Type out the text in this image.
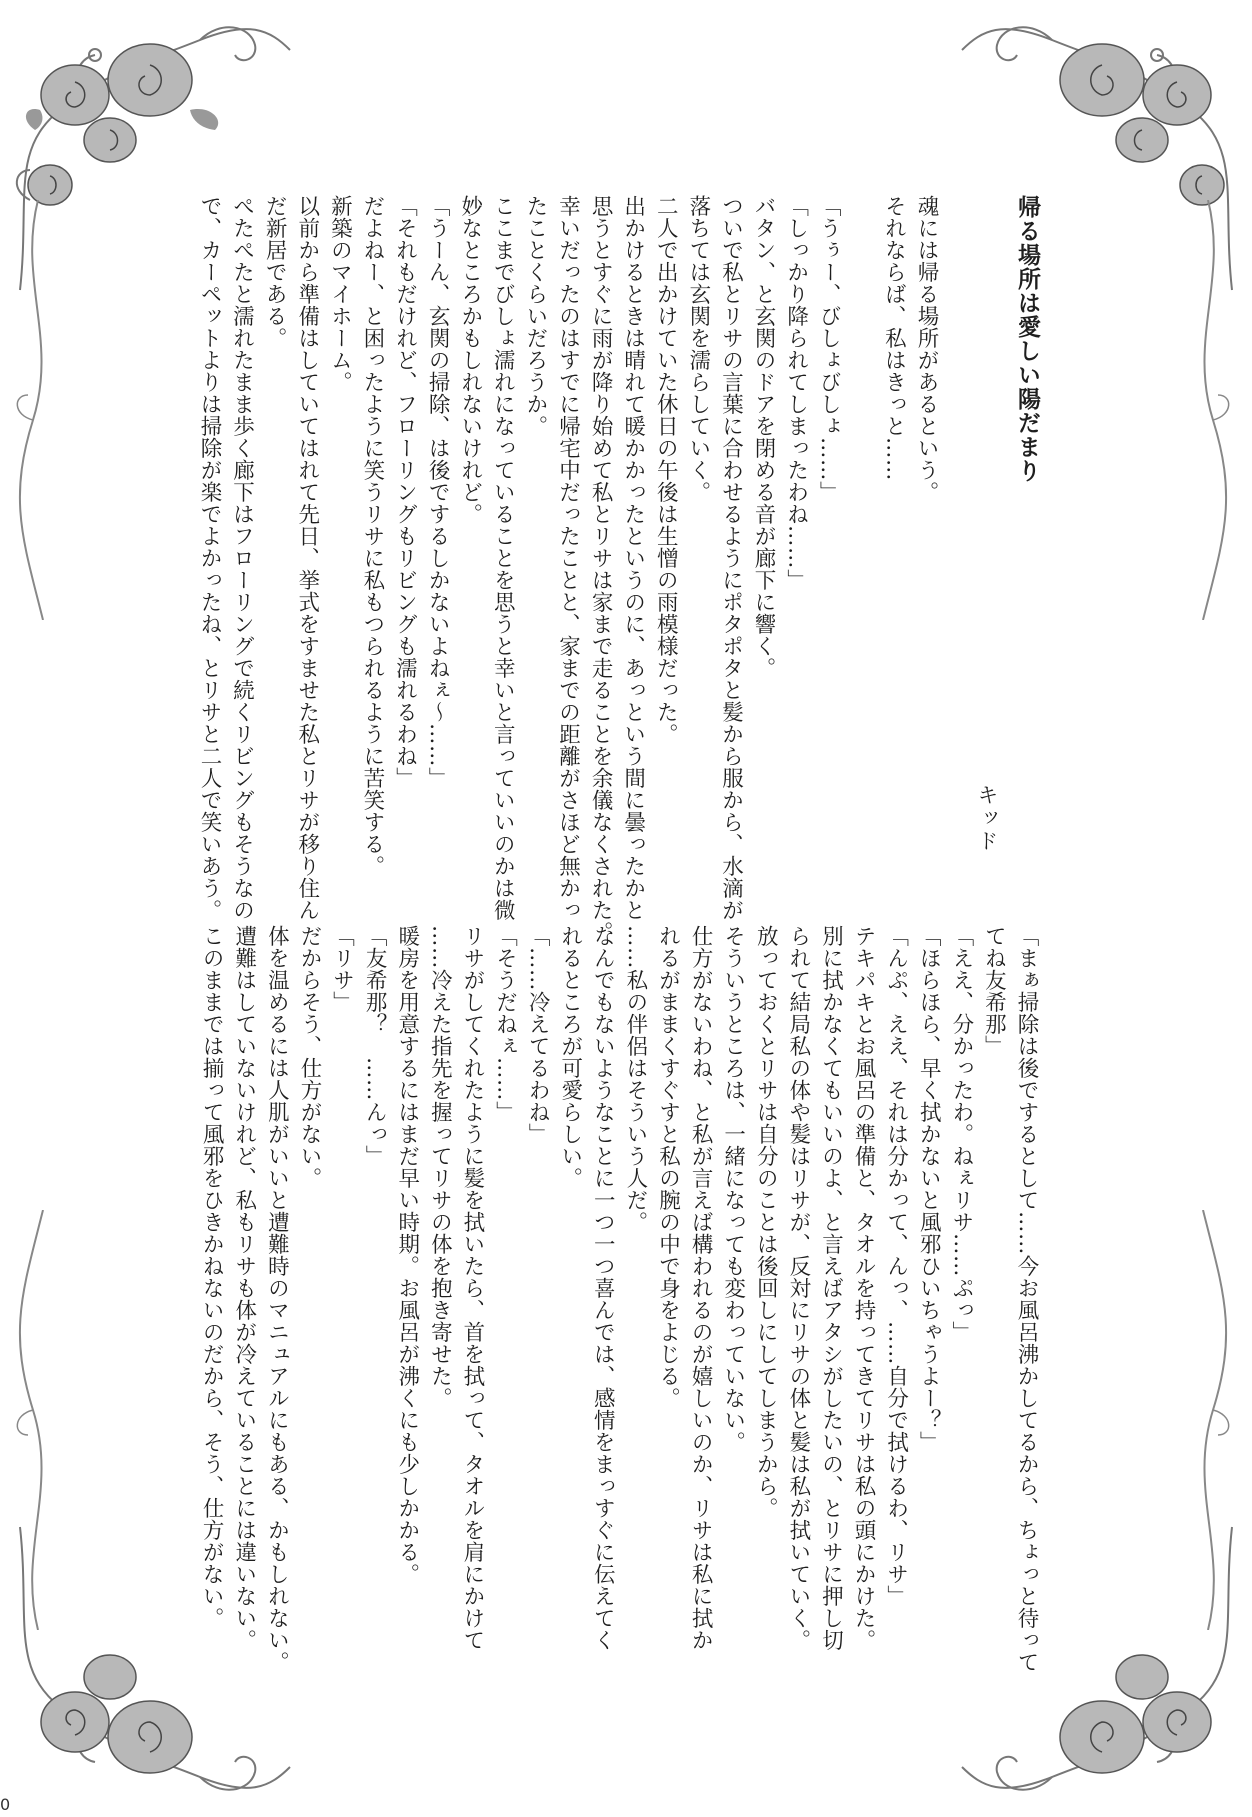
帰る場所は愛しい陽だまり
キッド
魂には帰る場所があるという。
それならば、私はきっと……

「うぅー、びしょびしょ……」
「しっかり降られてしまったわね……」
バタン、と玄関のドアを閉める音が廊下に響く。
ついで私とリサの言葉に合わせるようにポタポタと髪から服から、水滴が
落ちては玄関を濡らしていく。
二人で出かけていた休日の午後は生憎の雨模様だった。
出かけるときは晴れて暖かかったというのに、あっという間に曇ったかと
思うとすぐに雨が降り始めて私とリサは家まで走ることを余儀なくされた。
幸いだったのはすでに帰宅中だったことと、家までの距離がさほど無かっ
たことくらいだろうか。
ここまでびしょ濡れになっていることを思うと幸いと言っていいのかは微
妙なところかもしれないけれど。
「うーん、玄関の掃除、は後でするしかないよねぇ〜……」
「それもだけれど、フローリングもリビングも濡れるわね」
だよねー、と困ったように笑うリサに私もつられるように苦笑する。
新築のマイホーム。
以前から準備はしていてはれて先日、挙式をすませた私とリサが移り住ん
だ新居である。
ぺたぺたと濡れたまま歩く廊下はフローリングで続くリビングもそうなの
で、カーペットよりは掃除が楽でよかったね、とリサと二人で笑いあう。
「まぁ掃除は後でするとして……今お風呂沸かしてるから、ちょっと待って
てね友希那」
「ええ、分かったわ。ねぇリサ……ぷっ」
「ほらほら、早く拭かないと風邪ひいちゃうよー？」
「んぷ、ええ、それは分かって、んっ、……自分で拭けるわ、リサ」
テキパキとお風呂の準備と、タオルを持ってきてリサは私の頭にかけた。
別に拭かなくてもいいのよ、と言えばアタシがしたいの、とリサに押し切
られて結局私の体や髪はリサが、反対にリサの体と髪は私が拭いていく。
放っておくとリサは自分のことは後回しにしてしまうから。
そういうところは、一緒になっても変わっていない。
仕方がないわね、と私が言えば構われるのが嬉しいのか、リサは私に拭か
れるがままくすぐすと私の腕の中で身をよじる。
……私の伴侶はそういう人だ。
なんでもないようなことに一つ一つ喜んでは、感情をまっすぐに伝えてく
れるところが可愛らしい。
「……冷えてるわね」
「そうだねぇ……」
リサがしてくれたように髪を拭いたら、首を拭って、タオルを肩にかけて
……冷えた指先を握ってリサの体を抱き寄せた。
暖房を用意するにはまだ早い時期。お風呂が沸くにも少しかかる。
「友希那？　……んっ」
「リサ」
だからそう、仕方がない。
体を温めるには人肌がいいと遭難時のマニュアルにもある、かもしれない。
遭難はしていないけれど、私もリサも体が冷えていることには違いない。
このままでは揃って風邪をひきかねないのだから、そう、仕方がない。
0
